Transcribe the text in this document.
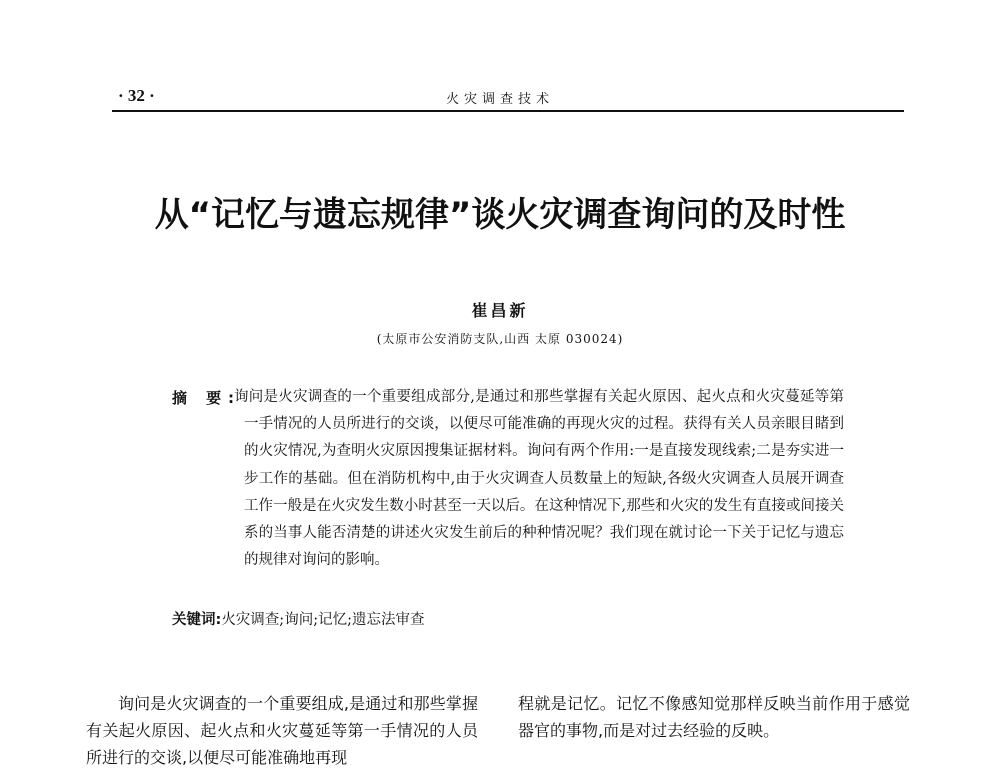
· 32 ·	火灾调查技术
从“记忆与遗忘规律”谈火灾调查询问的及时性
崔昌新
(太原市公安消防支队,山西 太原 030024)
摘 要: 询问是火灾调查的一个重要组成部分,是通过和那些掌握有关起火原因、起火点和火灾蔓延等第一手情况的人员所进行的交谈，以便尽可能准确的再现火灾的过程。获得有关人员亲眼目睹到的火灾情况,为查明火灾原因搜集证据材料。询问有两个作用:一是直接发现线索;二是夯实进一步工作的基础。但在消防机构中,由于火灾调查人员数量上的短缺,各级火灾调查人员展开调查工作一般是在火灾发生数小时甚至一天以后。在这种情况下,那些和火灾的发生有直接或间接关系的当事人能否清楚的讲述火灾发生前后的种种情况呢？我们现在就讨论一下关于记忆与遗忘的规律对询问的影响。
关键词:火灾调查;询问;记忆;遗忘法审查
询问是火灾调查的一个重要组成,是通过和那些掌握有关起火原因、起火点和火灾蔓延等第一手情况的人员所进行的交谈,以便尽可能准确地再现
程就是记忆。记忆不像感知觉那样反映当前作用于感觉器官的事物,而是对过去经验的反映。
